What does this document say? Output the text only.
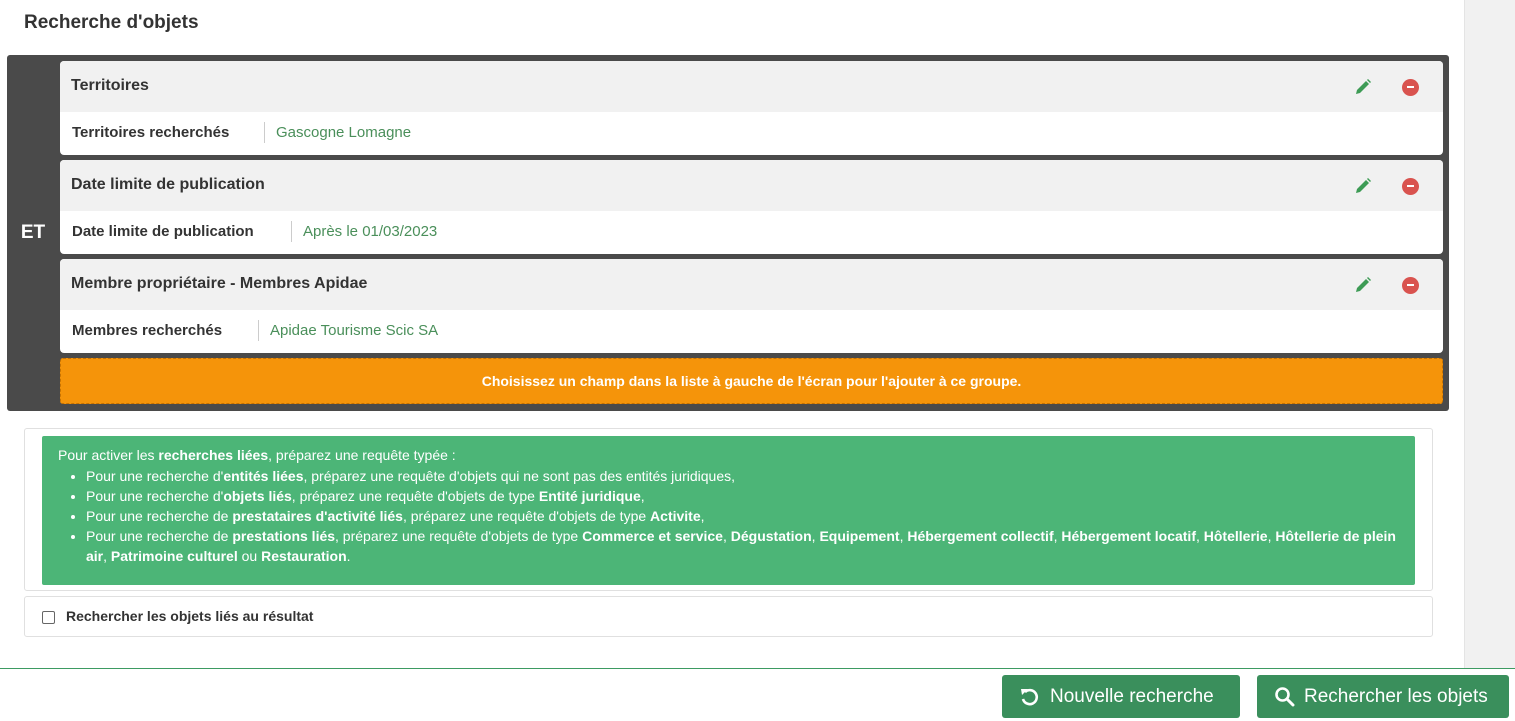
Recherche d'objets
ET
Territoires
Territoires recherchés	Gascogne Lomagne
Date limite de publication
Date limite de publication	Après le 01/03/2023
Membre propriétaire - Membres Apidae
Membres recherchés	Apidae Tourisme Scic SA
Choisissez un champ dans la liste à gauche de l'écran pour l'ajouter à ce groupe.
Pour activer les recherches liées, préparez une requête typée :
• Pour une recherche d'entités liées, préparez une requête d'objets qui ne sont pas des entités juridiques,
• Pour une recherche d'objets liés, préparez une requête d'objets de type Entité juridique,
• Pour une recherche de prestataires d'activité liés, préparez une requête d'objets de type Activite,
• Pour une recherche de prestations liés, préparez une requête d'objets de type Commerce et service, Dégustation, Equipement, Hébergement collectif, Hébergement locatif, Hôtellerie, Hôtellerie de plein air, Patrimoine culturel ou Restauration.
Rechercher les objets liés au résultat
Nouvelle recherche	Rechercher les objets
